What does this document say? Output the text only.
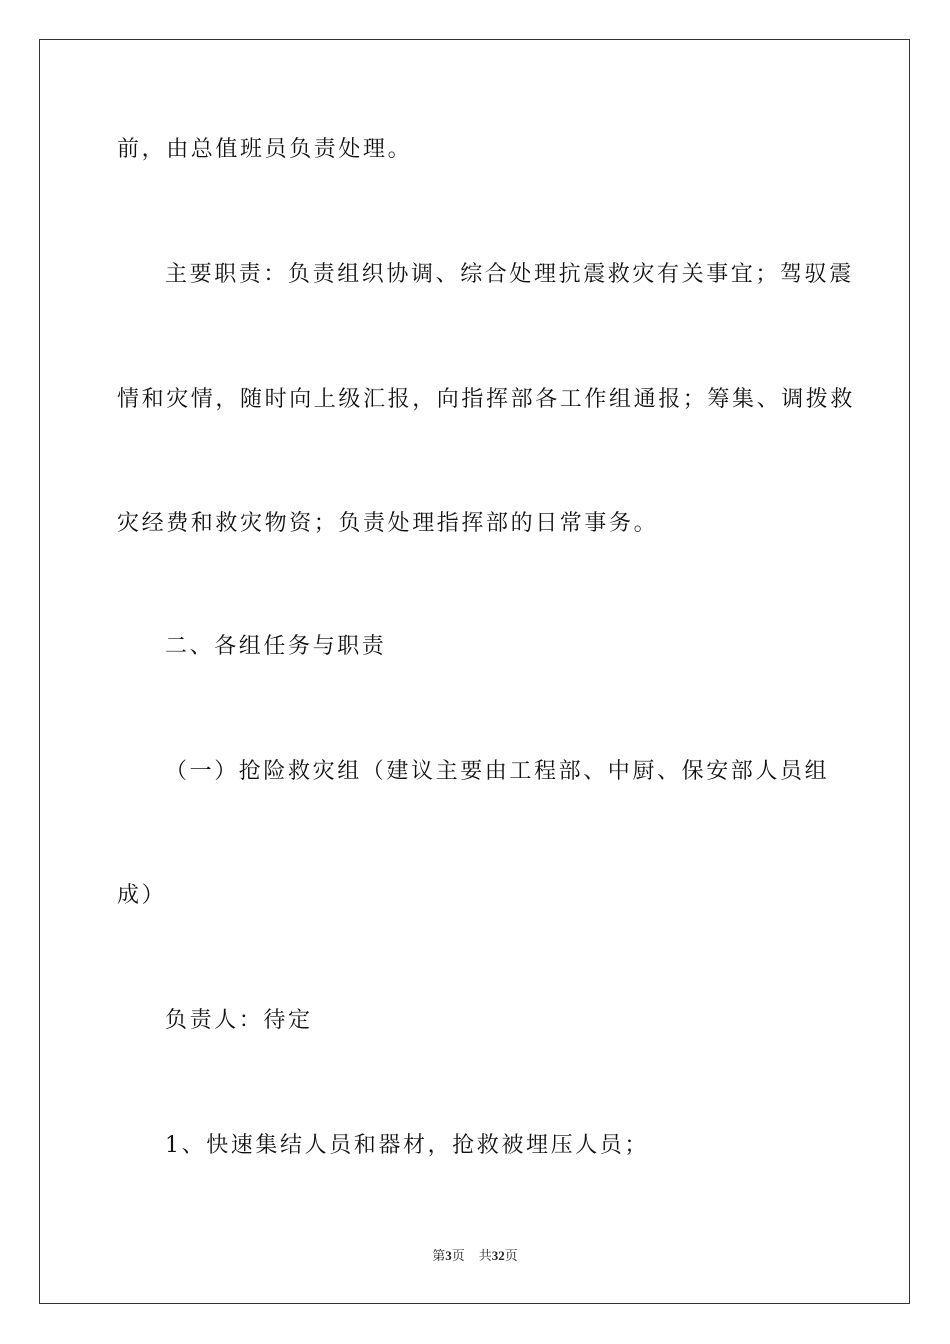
前，由总值班员负责处理。
主要职责：负责组织协调、综合处理抗震救灾有关事宜；驾驭震
情和灾情，随时向上级汇报，向指挥部各工作组通报；筹集、调拨救
灾经费和救灾物资；负责处理指挥部的日常事务。
二、各组任务与职责
（一）抢险救灾组（建议主要由工程部、中厨、保安部人员组
成）
负责人：待定
1、快速集结人员和器材，抢救被埋压人员；
第3页 共32页
